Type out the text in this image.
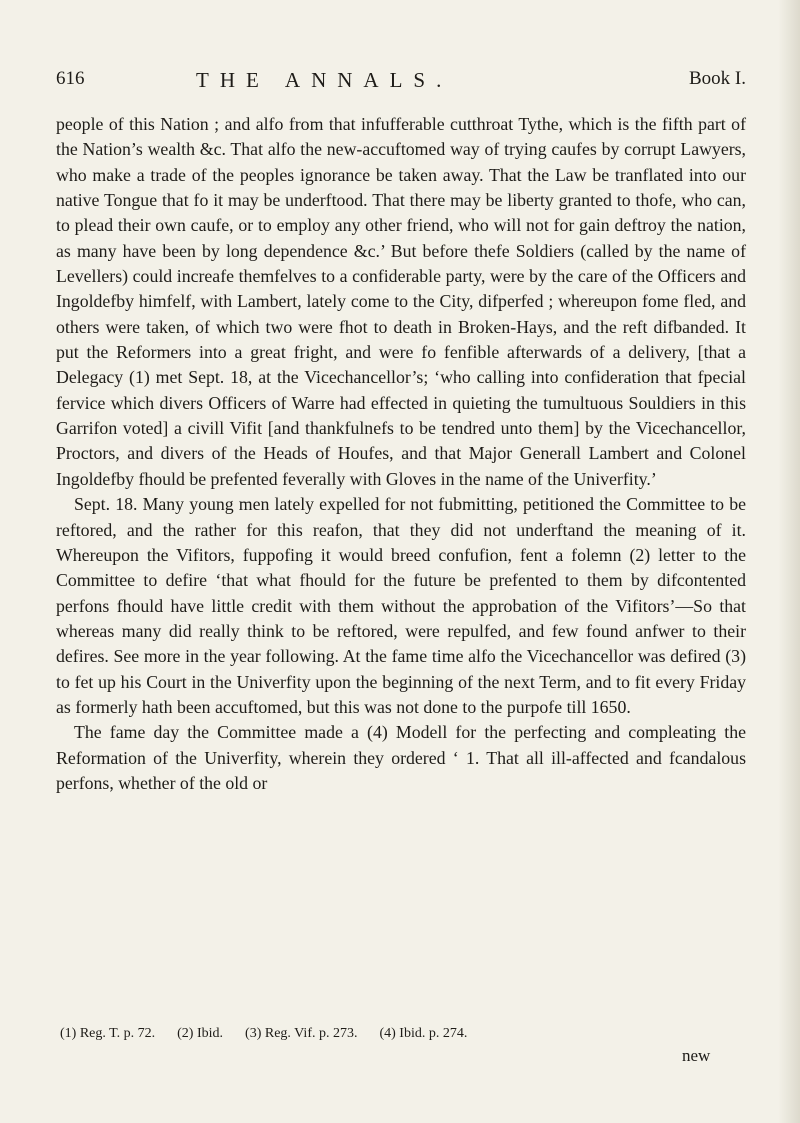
616	THE ANNALS.	Book I.

people of this Nation ; and alfo from that infufferable cutthroat Tythe, which is the fifth part of the Nation’s wealth &c. That alfo the new-accuftomed way of trying caufes by corrupt Lawyers, who make a trade of the peoples ignorance be taken away. That the Law be tranflated into our native Tongue that fo it may be underftood. That there may be liberty granted to thofe, who can, to plead their own caufe, or to employ any other friend, who will not for gain deftroy the nation, as many have been by long dependence &c.’ But before thefe Soldiers (called by the name of Levellers) could increafe themfelves to a confiderable party, were by the care of the Officers and Ingoldefby himfelf, with Lambert, lately come to the City, difperfed ; whereupon fome fled, and others were taken, of which two were fhot to death in Broken-Hays, and the reft difbanded. It put the Reformers into a great fright, and were fo fenfible afterwards of a delivery, [that a Delegacy (1) met Sept. 18, at the Vicechancellor’s; ‘who calling into confideration that fpecial fervice which divers Officers of Warre had effected in quieting the tumultuous Souldiers in this Garrifon voted] a civill Vifit [and thankfulnefs to be tendred unto them] by the Vicechancellor, Proctors, and divers of the Heads of Houfes, and that Major Generall Lambert and Colonel Ingoldefby fhould be prefented feverally with Gloves in the name of the Univerfity.’

Sept. 18. Many young men lately expelled for not fubmitting, petitioned the Committee to be reftored, and the rather for this reafon, that they did not underftand the meaning of it. Whereupon the Vifitors, fuppofing it would breed confufion, fent a folemn (2) letter to the Committee to defire ‘that what fhould for the future be prefented to them by difcontented perfons fhould have little credit with them without the approbation of the Vifitors’—So that whereas many did really think to be reftored, were repulfed, and few found anfwer to their defires. See more in the year following. At the fame time alfo the Vicechancellor was defired (3) to fet up his Court in the Univerfity upon the beginning of the next Term, and to fit every Friday as formerly hath been accuftomed, but this was not done to the purpofe till 1650.

The fame day the Committee made a (4) Modell for the perfecting and compleating the Reformation of the Univerfity, wherein they ordered ‘ 1. That all ill-affected and fcandalous perfons, whether of the old or

(1) Reg. T. p. 72. (2) Ibid. (3) Reg. Vif. p. 273. (4) Ibid. p. 274.
new
